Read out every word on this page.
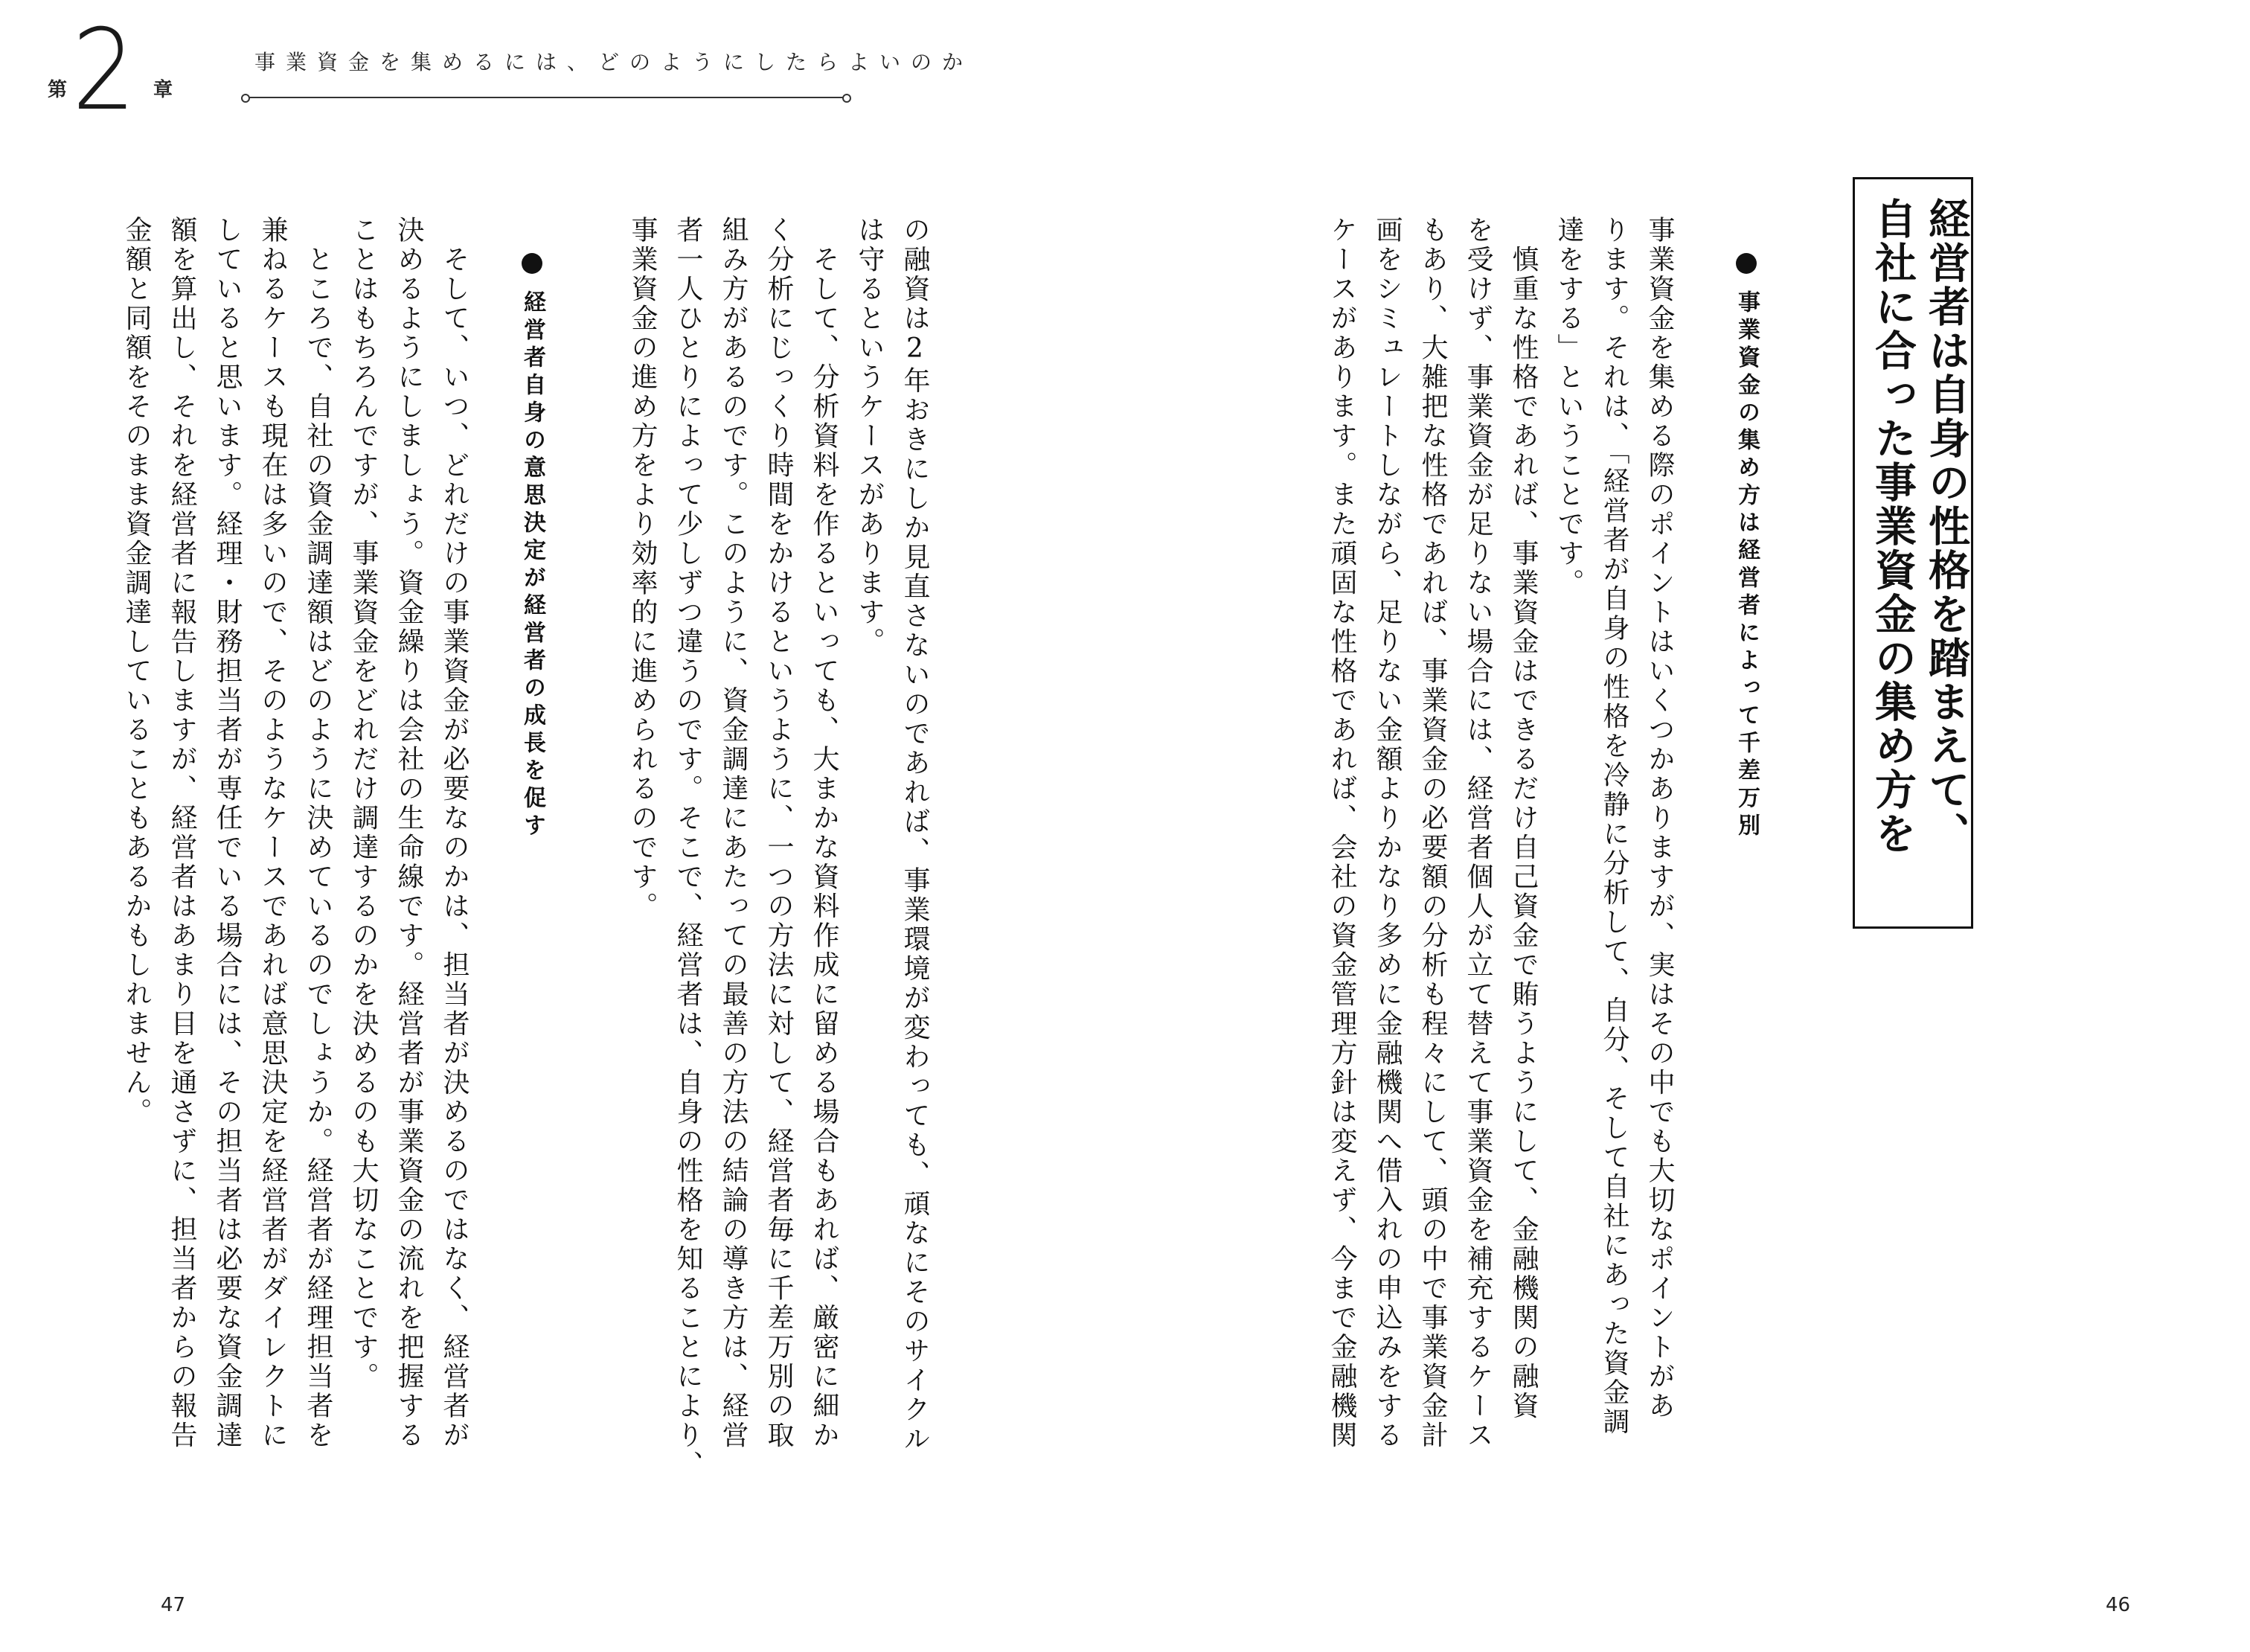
第 2 章
事業資金を集めるには、どのようにしたらよいのか
経営者は自身の性格を踏まえて、
自社に合った事業資金の集め方を
事業資金の集め方は経営者によって千差万別
事業資金を集める際のポイントはいくつかありますが、実はその中でも大切なポイントがあ
ります。それは、「経営者が自身の性格を冷静に分析して、自分、そして自社にあった資金調
達をする」ということです。
　慎重な性格であれば、事業資金はできるだけ自己資金で賄うようにして、金融機関の融資
を受けず、事業資金が足りない場合には、経営者個人が立て替えて事業資金を補充するケース
もあり、大雑把な性格であれば、事業資金の必要額の分析も程々にして、頭の中で事業資金計
画をシミュレートしながら、足りない金額よりかなり多めに金融機関へ借入れの申込みをする
ケースがあります。また頑固な性格であれば、会社の資金管理方針は変えず、今まで金融機関
46
の融資は2年おきにしか見直さないのであれば、事業環境が変わっても、頑なにそのサイクル
は守るというケースがあります。
　そして、分析資料を作るといっても、大まかな資料作成に留める場合もあれば、厳密に細か
く分析にじっくり時間をかけるというように、一つの方法に対して、経営者毎に千差万別の取
組み方があるのです。このように、資金調達にあたっての最善の方法の結論の導き方は、経営
者一人ひとりによって少しずつ違うのです。そこで、経営者は、自身の性格を知ることにより、
事業資金の進め方をより効率的に進められるのです。
経営者自身の意思決定が経営者の成長を促す
　そして、いつ、どれだけの事業資金が必要なのかは、担当者が決めるのではなく、経営者が
決めるようにしましょう。資金繰りは会社の生命線です。経営者が事業資金の流れを把握する
ことはもちろんですが、事業資金をどれだけ調達するのかを決めるのも大切なことです。
　ところで、自社の資金調達額はどのように決めているのでしょうか。経営者が経理担当者を
兼ねるケースも現在は多いので、そのようなケースであれば意思決定を経営者がダイレクトに
していると思います。経理・財務担当者が専任でいる場合には、その担当者は必要な資金調達
額を算出し、それを経営者に報告しますが、経営者はあまり目を通さずに、担当者からの報告
金額と同額をそのまま資金調達していることもあるかもしれません。
47
